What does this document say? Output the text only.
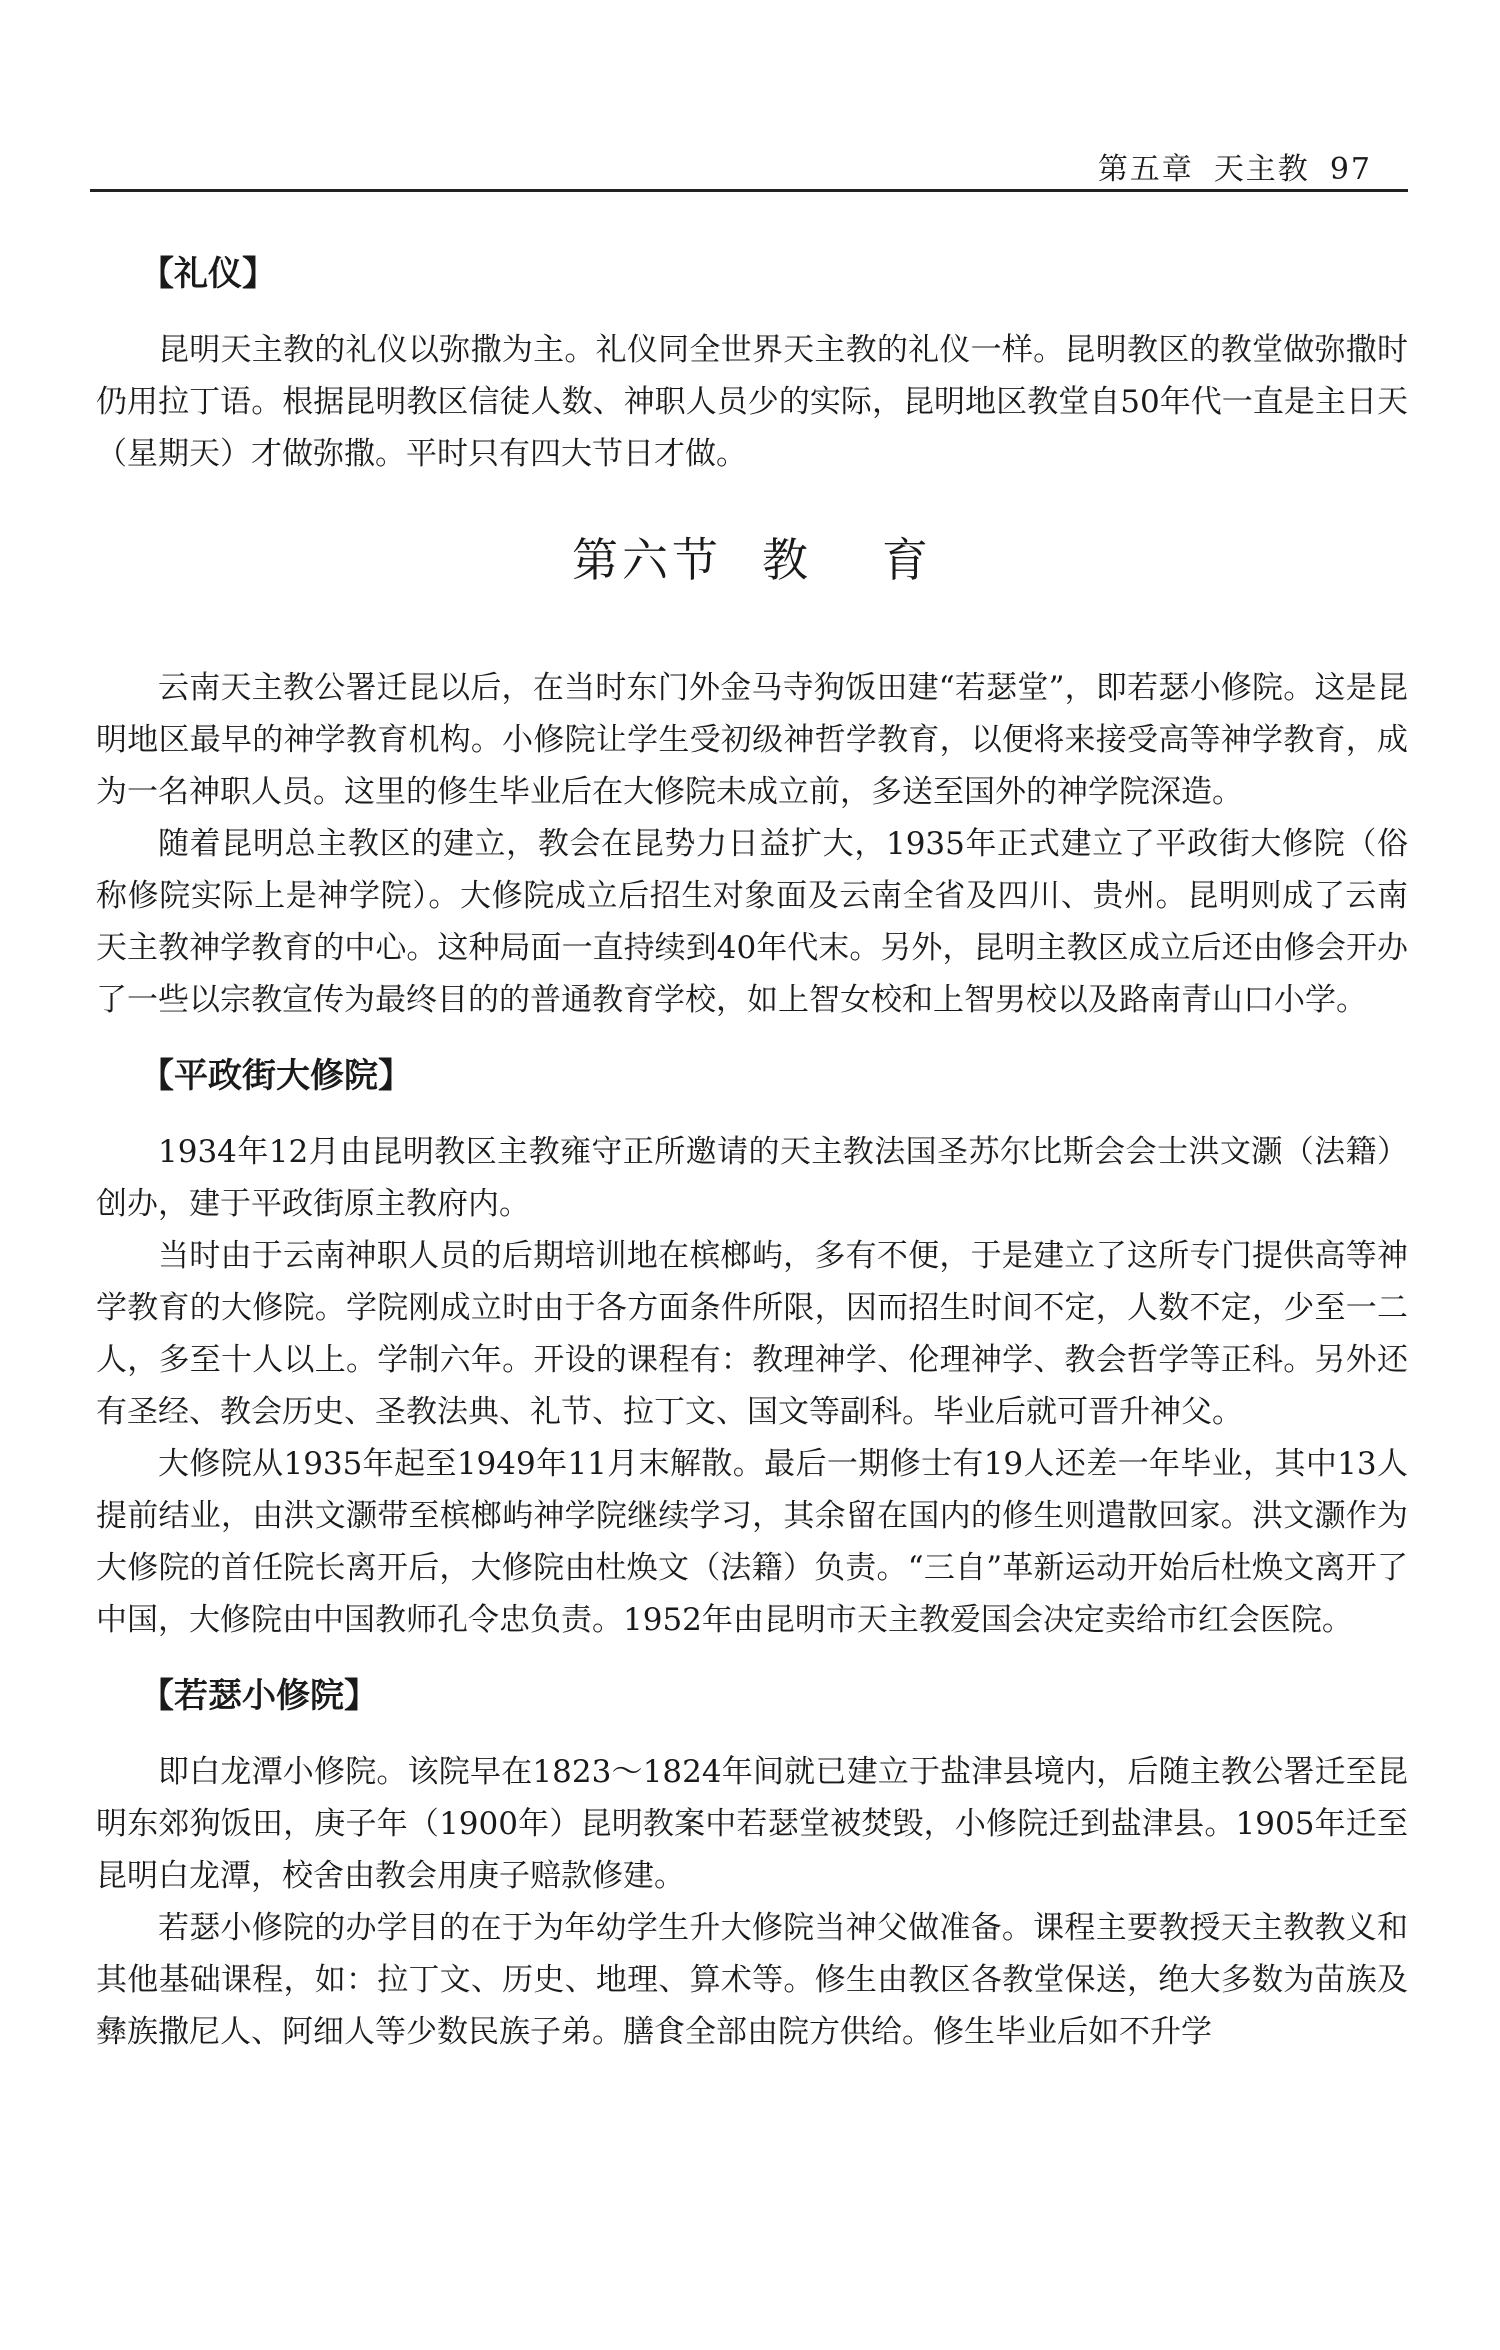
第五章 天主教 97
【礼仪】

昆明天主教的礼仪以弥撒为主。礼仪同全世界天主教的礼仪一样。昆明教区的教堂做弥撒时仍用拉丁语。根据昆明教区信徒人数、神职人员少的实际，昆明地区教堂自50年代一直是主日天（星期天）才做弥撒。平时只有四大节日才做。

第六节 教 育

云南天主教公署迁昆以后，在当时东门外金马寺狗饭田建“若瑟堂”，即若瑟小修院。这是昆明地区最早的神学教育机构。小修院让学生受初级神哲学教育，以便将来接受高等神学教育，成为一名神职人员。这里的修生毕业后在大修院未成立前，多送至国外的神学院深造。

随着昆明总主教区的建立，教会在昆势力日益扩大，1935年正式建立了平政街大修院（俗称修院实际上是神学院）。大修院成立后招生对象面及云南全省及四川、贵州。昆明则成了云南天主教神学教育的中心。这种局面一直持续到40年代末。另外，昆明主教区成立后还由修会开办了一些以宗教宣传为最终目的的普通教育学校，如上智女校和上智男校以及路南青山口小学。

【平政街大修院】

1934年12月由昆明教区主教雍守正所邀请的天主教法国圣苏尔比斯会会士洪文灏（法籍）创办，建于平政街原主教府内。

当时由于云南神职人员的后期培训地在槟榔屿，多有不便，于是建立了这所专门提供高等神学教育的大修院。学院刚成立时由于各方面条件所限，因而招生时间不定，人数不定，少至一二人，多至十人以上。学制六年。开设的课程有：教理神学、伦理神学、教会哲学等正科。另外还有圣经、教会历史、圣教法典、礼节、拉丁文、国文等副科。毕业后就可晋升神父。

大修院从1935年起至1949年11月末解散。最后一期修士有19人还差一年毕业，其中13人提前结业，由洪文灏带至槟榔屿神学院继续学习，其余留在国内的修生则遣散回家。洪文灏作为大修院的首任院长离开后，大修院由杜焕文（法籍）负责。“三自”革新运动开始后杜焕文离开了中国，大修院由中国教师孔令忠负责。1952年由昆明市天主教爱国会决定卖给市红会医院。

【若瑟小修院】

即白龙潭小修院。该院早在1823～1824年间就已建立于盐津县境内，后随主教公署迁至昆明东郊狗饭田，庚子年（1900年）昆明教案中若瑟堂被焚毁，小修院迁到盐津县。1905年迁至昆明白龙潭，校舍由教会用庚子赔款修建。

若瑟小修院的办学目的在于为年幼学生升大修院当神父做准备。课程主要教授天主教教义和其他基础课程，如：拉丁文、历史、地理、算术等。修生由教区各教堂保送，绝大多数为苗族及彝族撒尼人、阿细人等少数民族子弟。膳食全部由院方供给。修生毕业后如不升学
